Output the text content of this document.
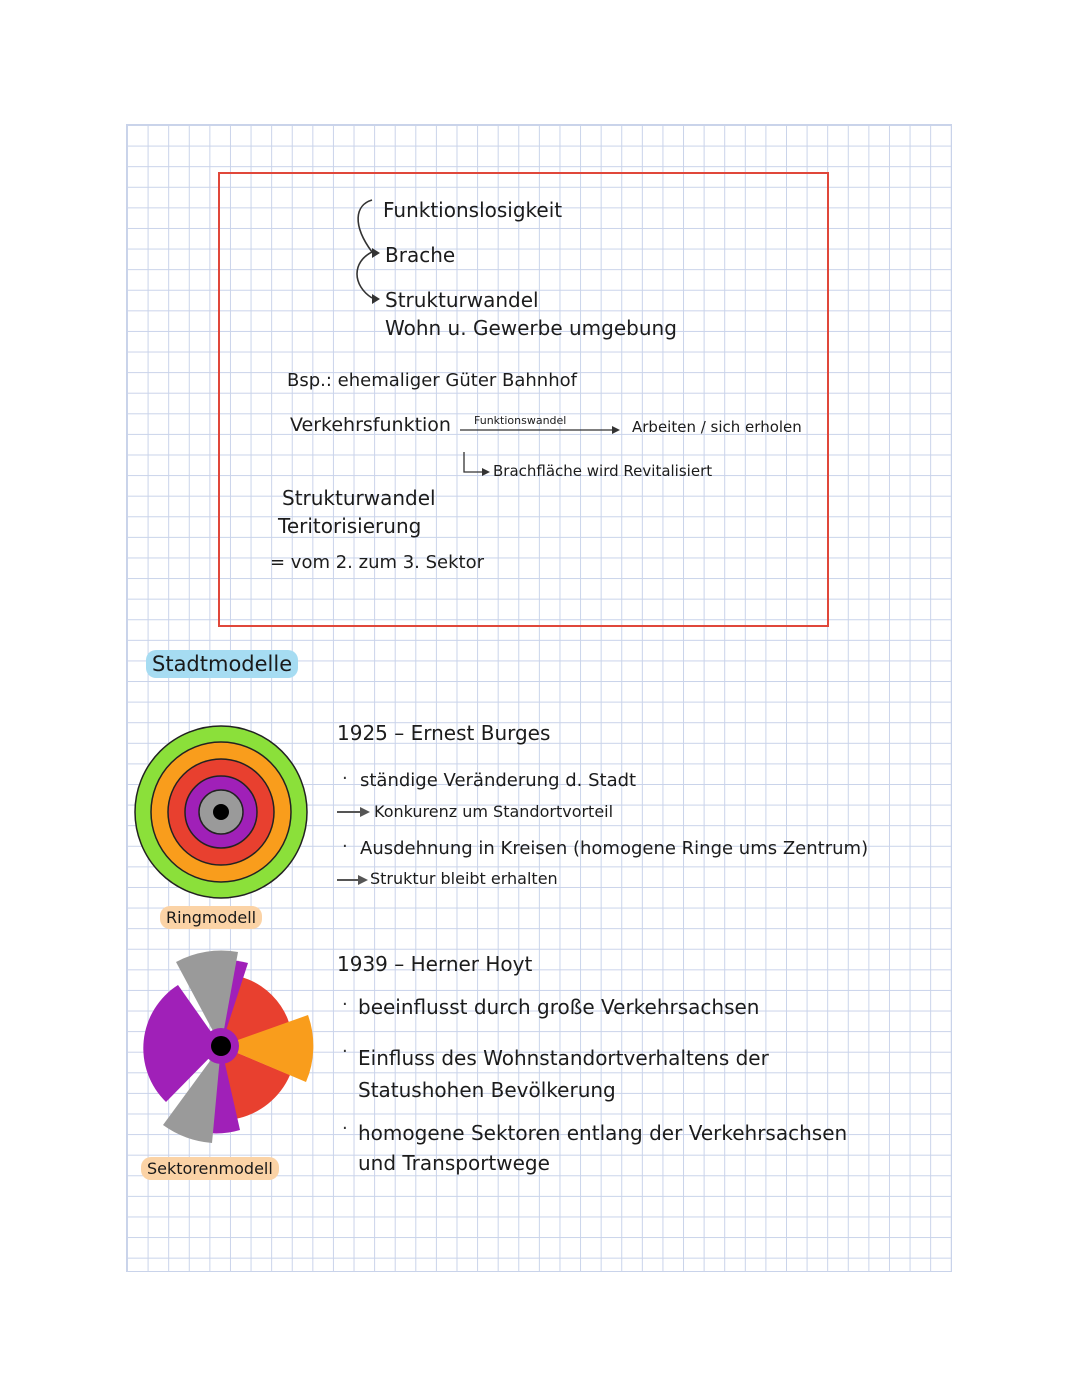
Funktionslosigkeit
Brache
Strukturwandel
Wohn u. Gewerbe umgebung
Bsp.: ehemaliger Güter Bahnhof
Verkehrsfunktion Funktionswandel	Arbeiten / sich erholen
Brachfläche wird Revitalisiert
Strukturwandel
Teritorisierung
= vom 2. zum 3. Sektor
Stadtmodelle
Ringmodell
Sektorenmodell
1925 – Ernest Burges
· ständige Veränderung d. Stadt
Konkurenz um Standortvorteil
· Ausdehnung in Kreisen (homogene Ringe ums Zentrum)
Struktur bleibt erhalten
1939 – Herner Hoyt
· beeinflusst durch große Verkehrsachsen
· Einfluss des Wohnstandortverhaltens der Statushohen Bevölkerung
· homogene Sektoren entlang der Verkehrsachsen und Transportwege
